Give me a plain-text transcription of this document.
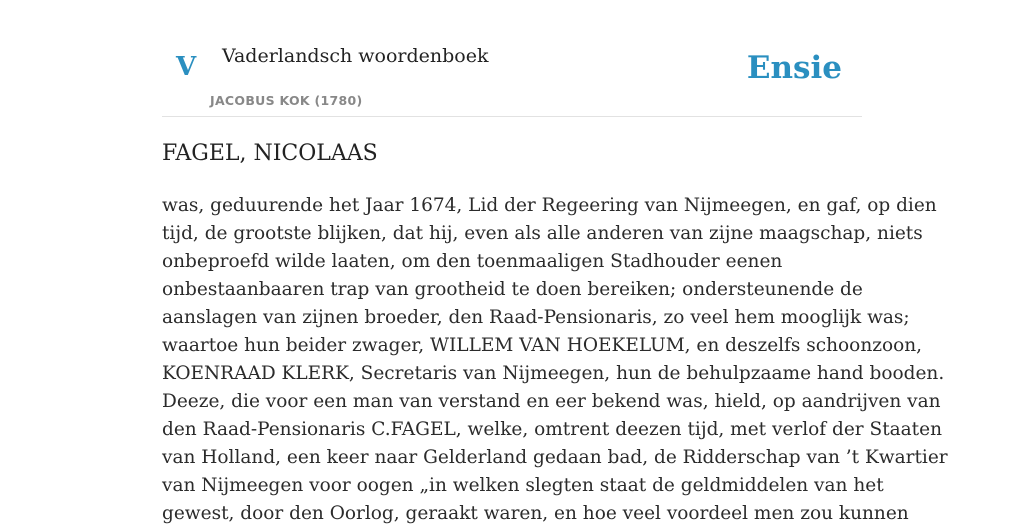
V Vaderlandsch woordenboek
JACOBUS KOK (1780)
Ensie
FAGEL, NICOLAAS

was, geduurende het Jaar 1674, Lid der Regeering van Nijmeegen, en gaf, op dien
tijd, de grootste blijken, dat hij, even als alle anderen van zijne maagschap, niets
onbeproefd wilde laaten, om den toenmaaligen Stadhouder eenen
onbestaanbaaren trap van grootheid te doen bereiken; ondersteunende de
aanslagen van zijnen broeder, den Raad-Pensionaris, zo veel hem mooglijk was;
waartoe hun beider zwager, WILLEM VAN HOEKELUM, en deszelfs schoonzoon,
KOENRAAD KLERK, Secretaris van Nijmeegen, hun de behulpzaame hand booden.
Deeze, die voor een man van verstand en eer bekend was, hield, op aandrijven van
den Raad-Pensionaris C.FAGEL, welke, omtrent deezen tijd, met verlof der Staaten
van Holland, een keer naar Gelderland gedaan bad, de Ridderschap van ’t Kwartier
van Nijmeegen voor oogen „in welken slegten staat de geldmiddelen van het
gewest, door den Oorlog, geraakt waren, en hoe veel voordeel men zou kunnen
